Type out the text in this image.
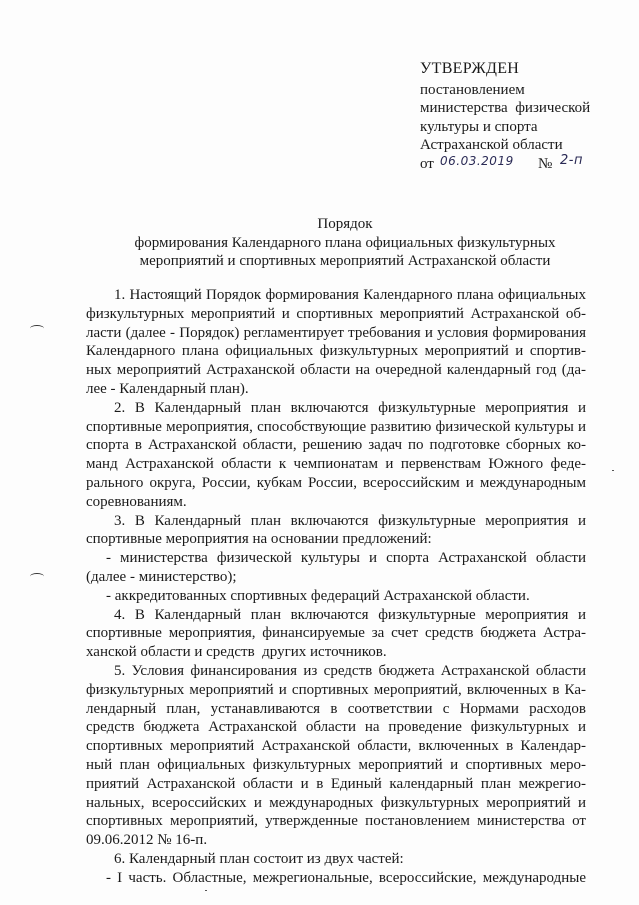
УТВЕРЖДЕН
постановлением
министерства  физической
культуры и спорта
Астраханской области
от 06.03.2019 № 2-п
Порядок
формирования Календарного плана официальных физкультурных
мероприятий и спортивных мероприятий Астраханской области
1. Настоящий Порядок формирования Календарного плана официальных
физкультурных мероприятий и спортивных мероприятий Астраханской об-
ласти (далее - Порядок) регламентирует требования и условия формирования
Календарного плана официальных физкультурных мероприятий и спортив-
ных мероприятий Астраханской области на очередной календарный год (да-
лее - Календарный план).
2. В Календарный план включаются физкультурные мероприятия и
спортивные мероприятия, способствующие развитию физической культуры и
спорта в Астраханской области, решению задач по подготовке сборных ко-
манд Астраханской области к чемпионатам и первенствам Южного феде-
рального округа, России, кубкам России, всероссийским и международным
соревнованиям.
3. В Календарный план включаются физкультурные мероприятия и
спортивные мероприятия на основании предложений:
- министерства физической культуры и спорта Астраханской области
(далее - министерство);
- аккредитованных спортивных федераций Астраханской области.
4. В Календарный план включаются физкультурные мероприятия и
спортивные мероприятия, финансируемые за счет средств бюджета Астра-
ханской области и средств  других источников.
5. Условия финансирования из средств бюджета Астраханской области
физкультурных мероприятий и спортивных мероприятий, включенных в Ка-
лендарный план, устанавливаются в соответствии с Нормами расходов
средств бюджета Астраханской области на проведение физкультурных и
спортивных мероприятий Астраханской области, включенных в Календар-
ный план официальных физкультурных мероприятий и спортивных меро-
приятий Астраханской области и в Единый календарный план межрегио-
нальных, всероссийских и международных физкультурных мероприятий и
спортивных мероприятий, утвержденные постановлением министерства от
09.06.2012 № 16-п.
6. Календарный план состоит из двух частей:
- I часть. Областные, межрегиональные, всероссийские, международные
